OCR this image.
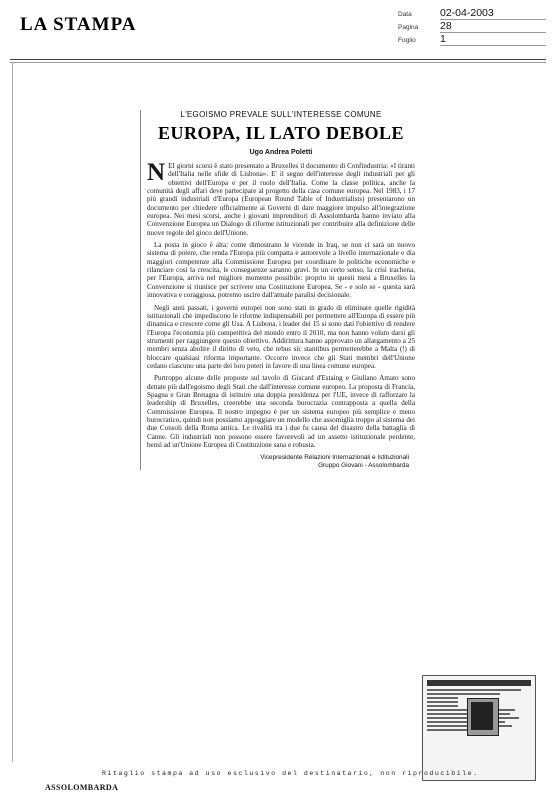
LA STAMPA	Data	02-04-2003
Pagina	28
Foglio	1

L'EGOISMO PREVALE SULL'INTERESSE COMUNE

EUROPA, IL LATO DEBOLE
Ugo Andrea Poletti

NEI giorni scorsi è stato presentato a Bruxelles il documento di Confindustria: «I tiranti dell'Italia nelle sfide di Lisbona». E' il segno dell'interesse degli industriali per gli obiettivi dell'Europa e per il ruolo dell'Italia. Come la classe politica, anche la comunità degli affari deve partecipare al progetto della casa comune europea. Nel 1983, i 17 più grandi industriali d'Europa (European Round Table of Industrialists) presentarono un documento per chiedere ufficialmente ai Governi di dare maggiore impulso all'integrazione europea. Nei mesi scorsi, anche i giovani imprenditori di Assolombarda hanno inviato alla Convenzione Europea un Dialogo di riforme istituzionali per contribuire alla definizione delle nuove regole del gioco dell'Unione.

La posta in gioco è alta: come dimostrano le vicende in Iraq, se non ci sarà un nuovo sistema di potere, che renda l'Europa più compatta e autorevole a livello internazionale e dia maggiori competenze alla Commissione Europea per coordinare le politiche economiche e rilanciare così la crescita, le conseguenze saranno gravi. In un certo senso, la crisi irachena, per l'Europa, arriva nel migliore momento possibile: proprio in questi mesi a Bruxelles la Convenzione si riunisce per scrivere una Costituzione Europea. Se - e solo se - questa sarà innovativa e coraggiosa, potremo uscire dall'attuale paralisi decisionale.

Negli anni passati, i governi europei non sono stati in grado di eliminare quelle rigidità istituzionali che impediscono le riforme indispensabili per permettere all'Europa di essere più dinamica e crescere come gli Usa. A Lisbona, i leader dei 15 si sono dati l'obiettivo di rendere l'Europa l'economia più competitiva del mondo entro il 2010, ma non hanno voluto darsi gli strumenti per raggiungere questo obiettivo. Addirittura hanno approvato un allargamento a 25 membri senza abolire il diritto di veto, che rebus sic stantibus permetterebbe a Malta (!) di bloccare qualsiasi riforma importante. Occorre invece che gli Stati membri dell'Unione cedano ciascuno una parte dei loro poteri in favore di una linea comune europea.

Purtroppo alcune delle proposte sul tavolo di Giscard d'Estaing e Giuliano Amato sono dettate più dall'egoismo degli Stati che dall'interesse comune europeo. La proposta di Francia, Spagna e Gran Bretagna di istituire una doppia presidenza per l'UE, invece di rafforzare la leadership di Bruxelles, creerebbe una seconda burocrazia contrapposta a quella della Commissione Europea. Il nostro impegno è per un sistema europeo più semplice e meno burocratico, quindi non possiamo appoggiare un modello che assomiglia troppo al sistema dei due Consoli della Roma antica. Le rivalità tra i due fu causa del disastro della battaglia di Canne. Gli industriali non possono essere favorevoli ad un assetto istituzionale perdente, bensì ad un'Unione Europea di Costituzione sana e robusta.

Vicepresidente Relazioni Internazionali e Istituzionali
Gruppo Giovani - Assolombarda
Ritaglio stampa ad uso esclusivo del destinatario, non riproducibile.
ASSOLOMBARDA
